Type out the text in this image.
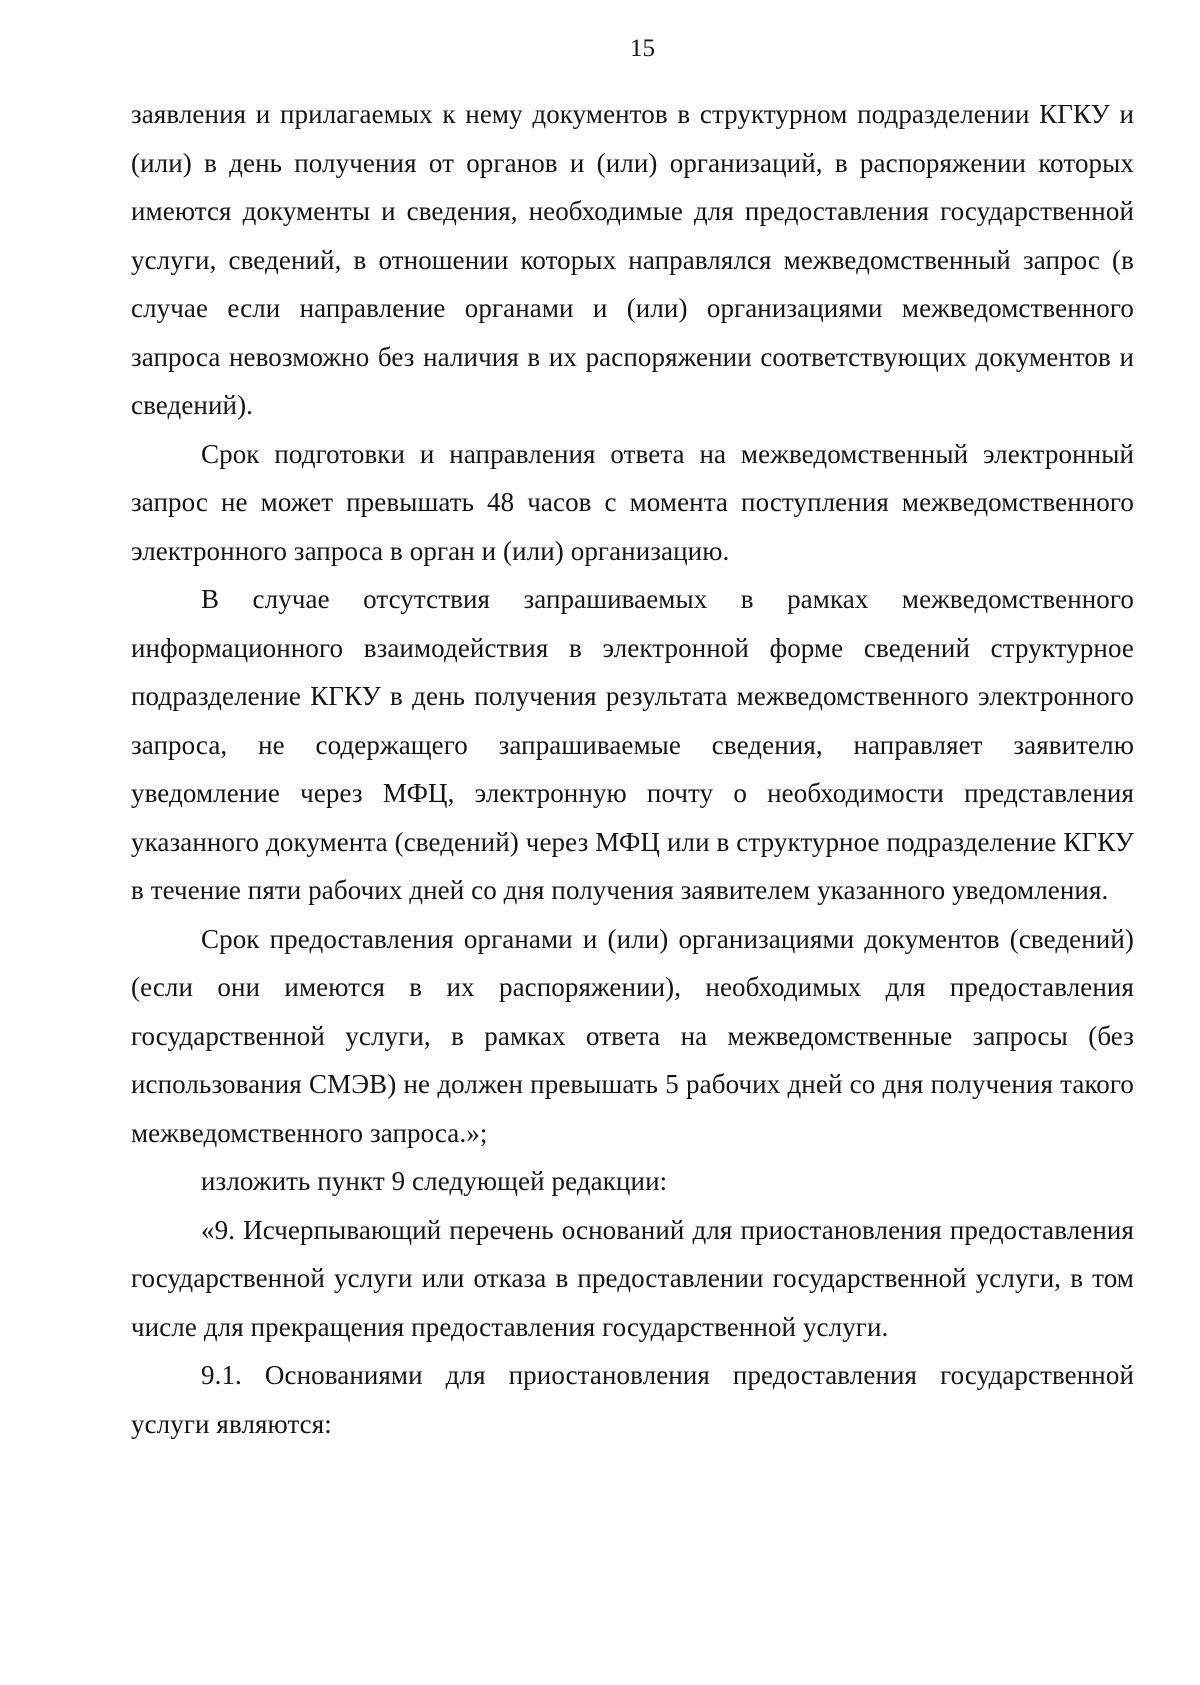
15

заявления и прилагаемых к нему документов в структурном подразделении КГКУ и (или) в день получения от органов и (или) организаций, в распоряжении которых имеются документы и сведения, необходимые для предоставления государственной услуги, сведений, в отношении которых направлялся межведомственный запрос (в случае если направление органами и (или) организациями межведомственного запроса невозможно без наличия в их распоряжении соответствующих документов и сведений).

Срок подготовки и направления ответа на межведомственный электронный запрос не может превышать 48 часов с момента поступления межведомственного электронного запроса в орган и (или) организацию.

В случае отсутствия запрашиваемых в рамках межведомственного информационного взаимодействия в электронной форме сведений структурное подразделение КГКУ в день получения результата межведомственного электронного запроса, не содержащего запрашиваемые сведения, направляет заявителю уведомление через МФЦ, электронную почту о необходимости представления указанного документа (сведений) через МФЦ или в структурное подразделение КГКУ в течение пяти рабочих дней со дня получения заявителем указанного уведомления.

Срок предоставления органами и (или) организациями документов (сведений) (если они имеются в их распоряжении), необходимых для предоставления государственной услуги, в рамках ответа на межведомственные запросы (без использования СМЭВ) не должен превышать 5 рабочих дней со дня получения такого межведомственного запроса.»;

изложить пункт 9 следующей редакции:

«9. Исчерпывающий перечень оснований для приостановления предоставления государственной услуги или отказа в предоставлении государственной услуги, в том числе для прекращения предоставления государственной услуги.

9.1. Основаниями для приостановления предоставления государственной услуги являются:
